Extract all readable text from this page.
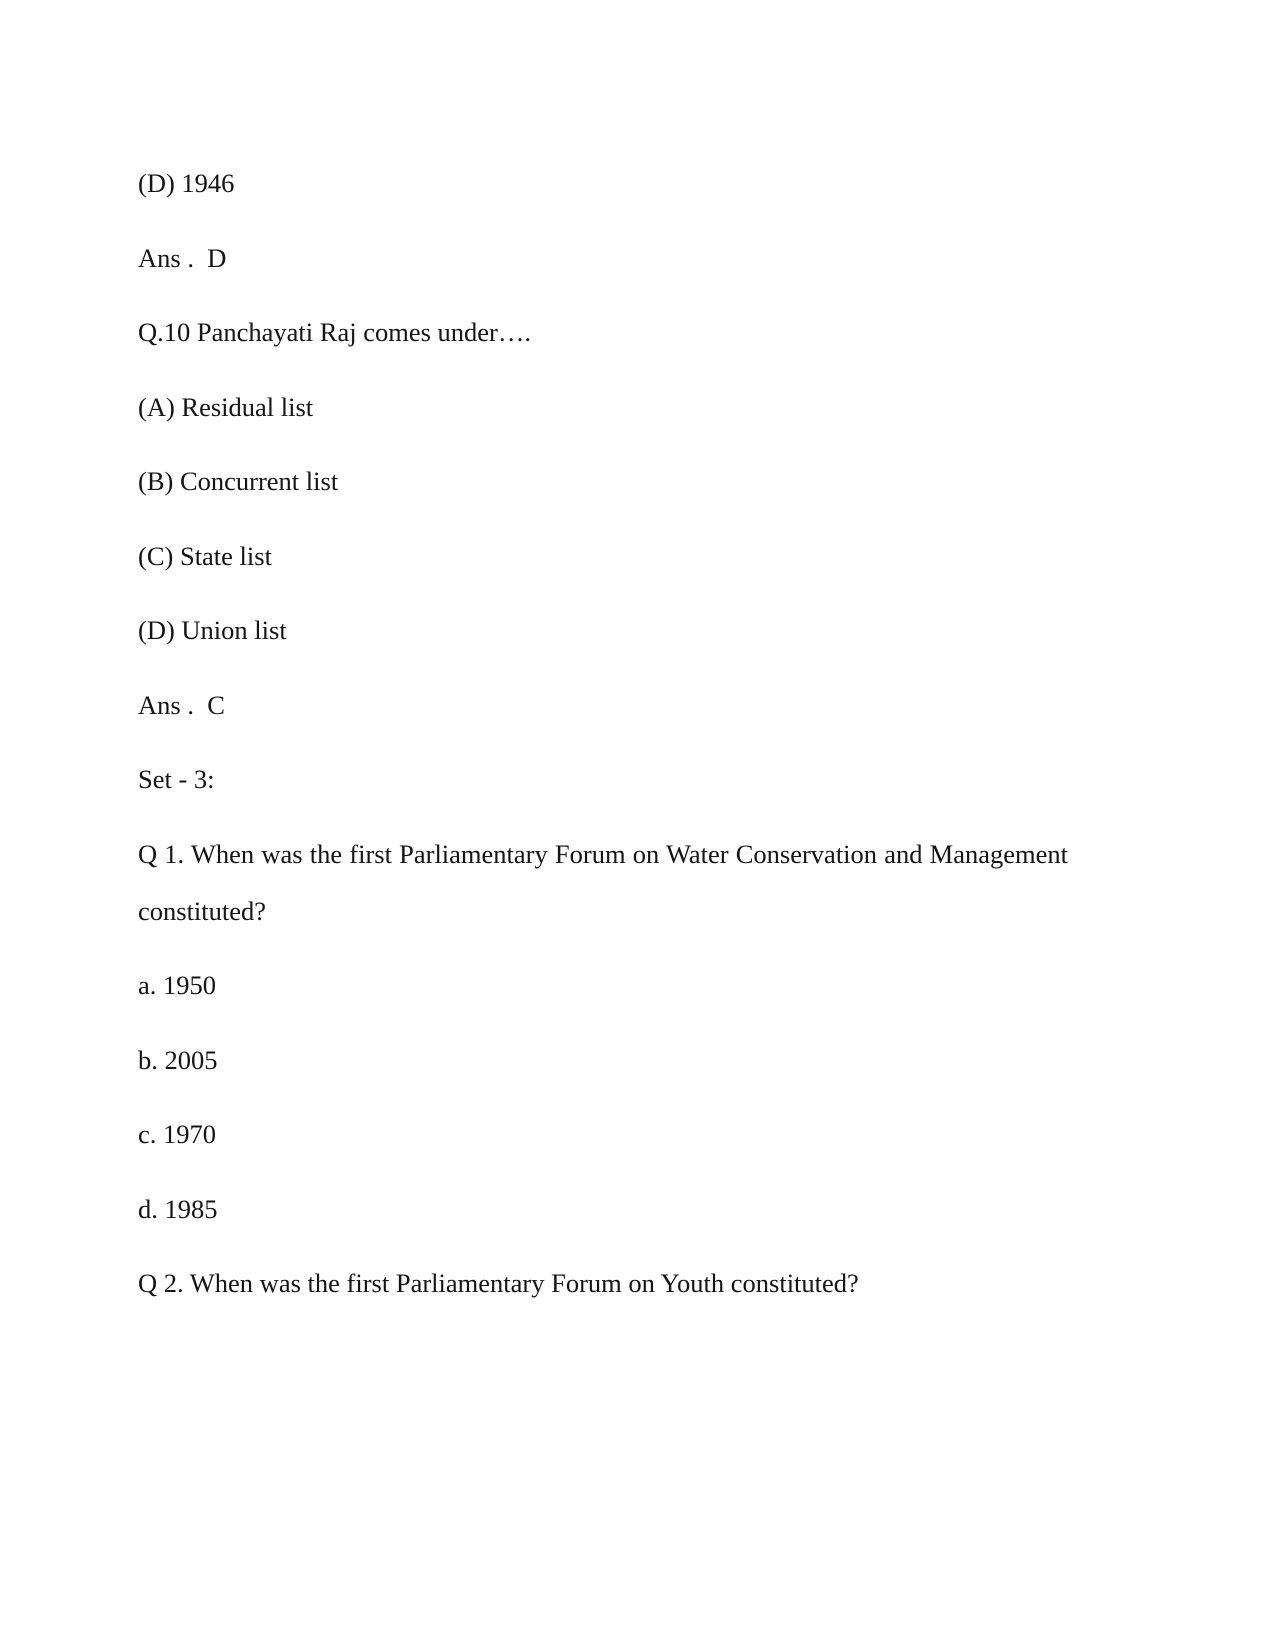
(D) 1946

Ans .  D

Q.10 Panchayati Raj comes under….

(A) Residual list

(B) Concurrent list

(C) State list

(D) Union list

Ans .  C

Set - 3:

Q 1. When was the first Parliamentary Forum on Water Conservation and Management constituted?

a. 1950

b. 2005

c. 1970

d. 1985

Q 2. When was the first Parliamentary Forum on Youth constituted?
